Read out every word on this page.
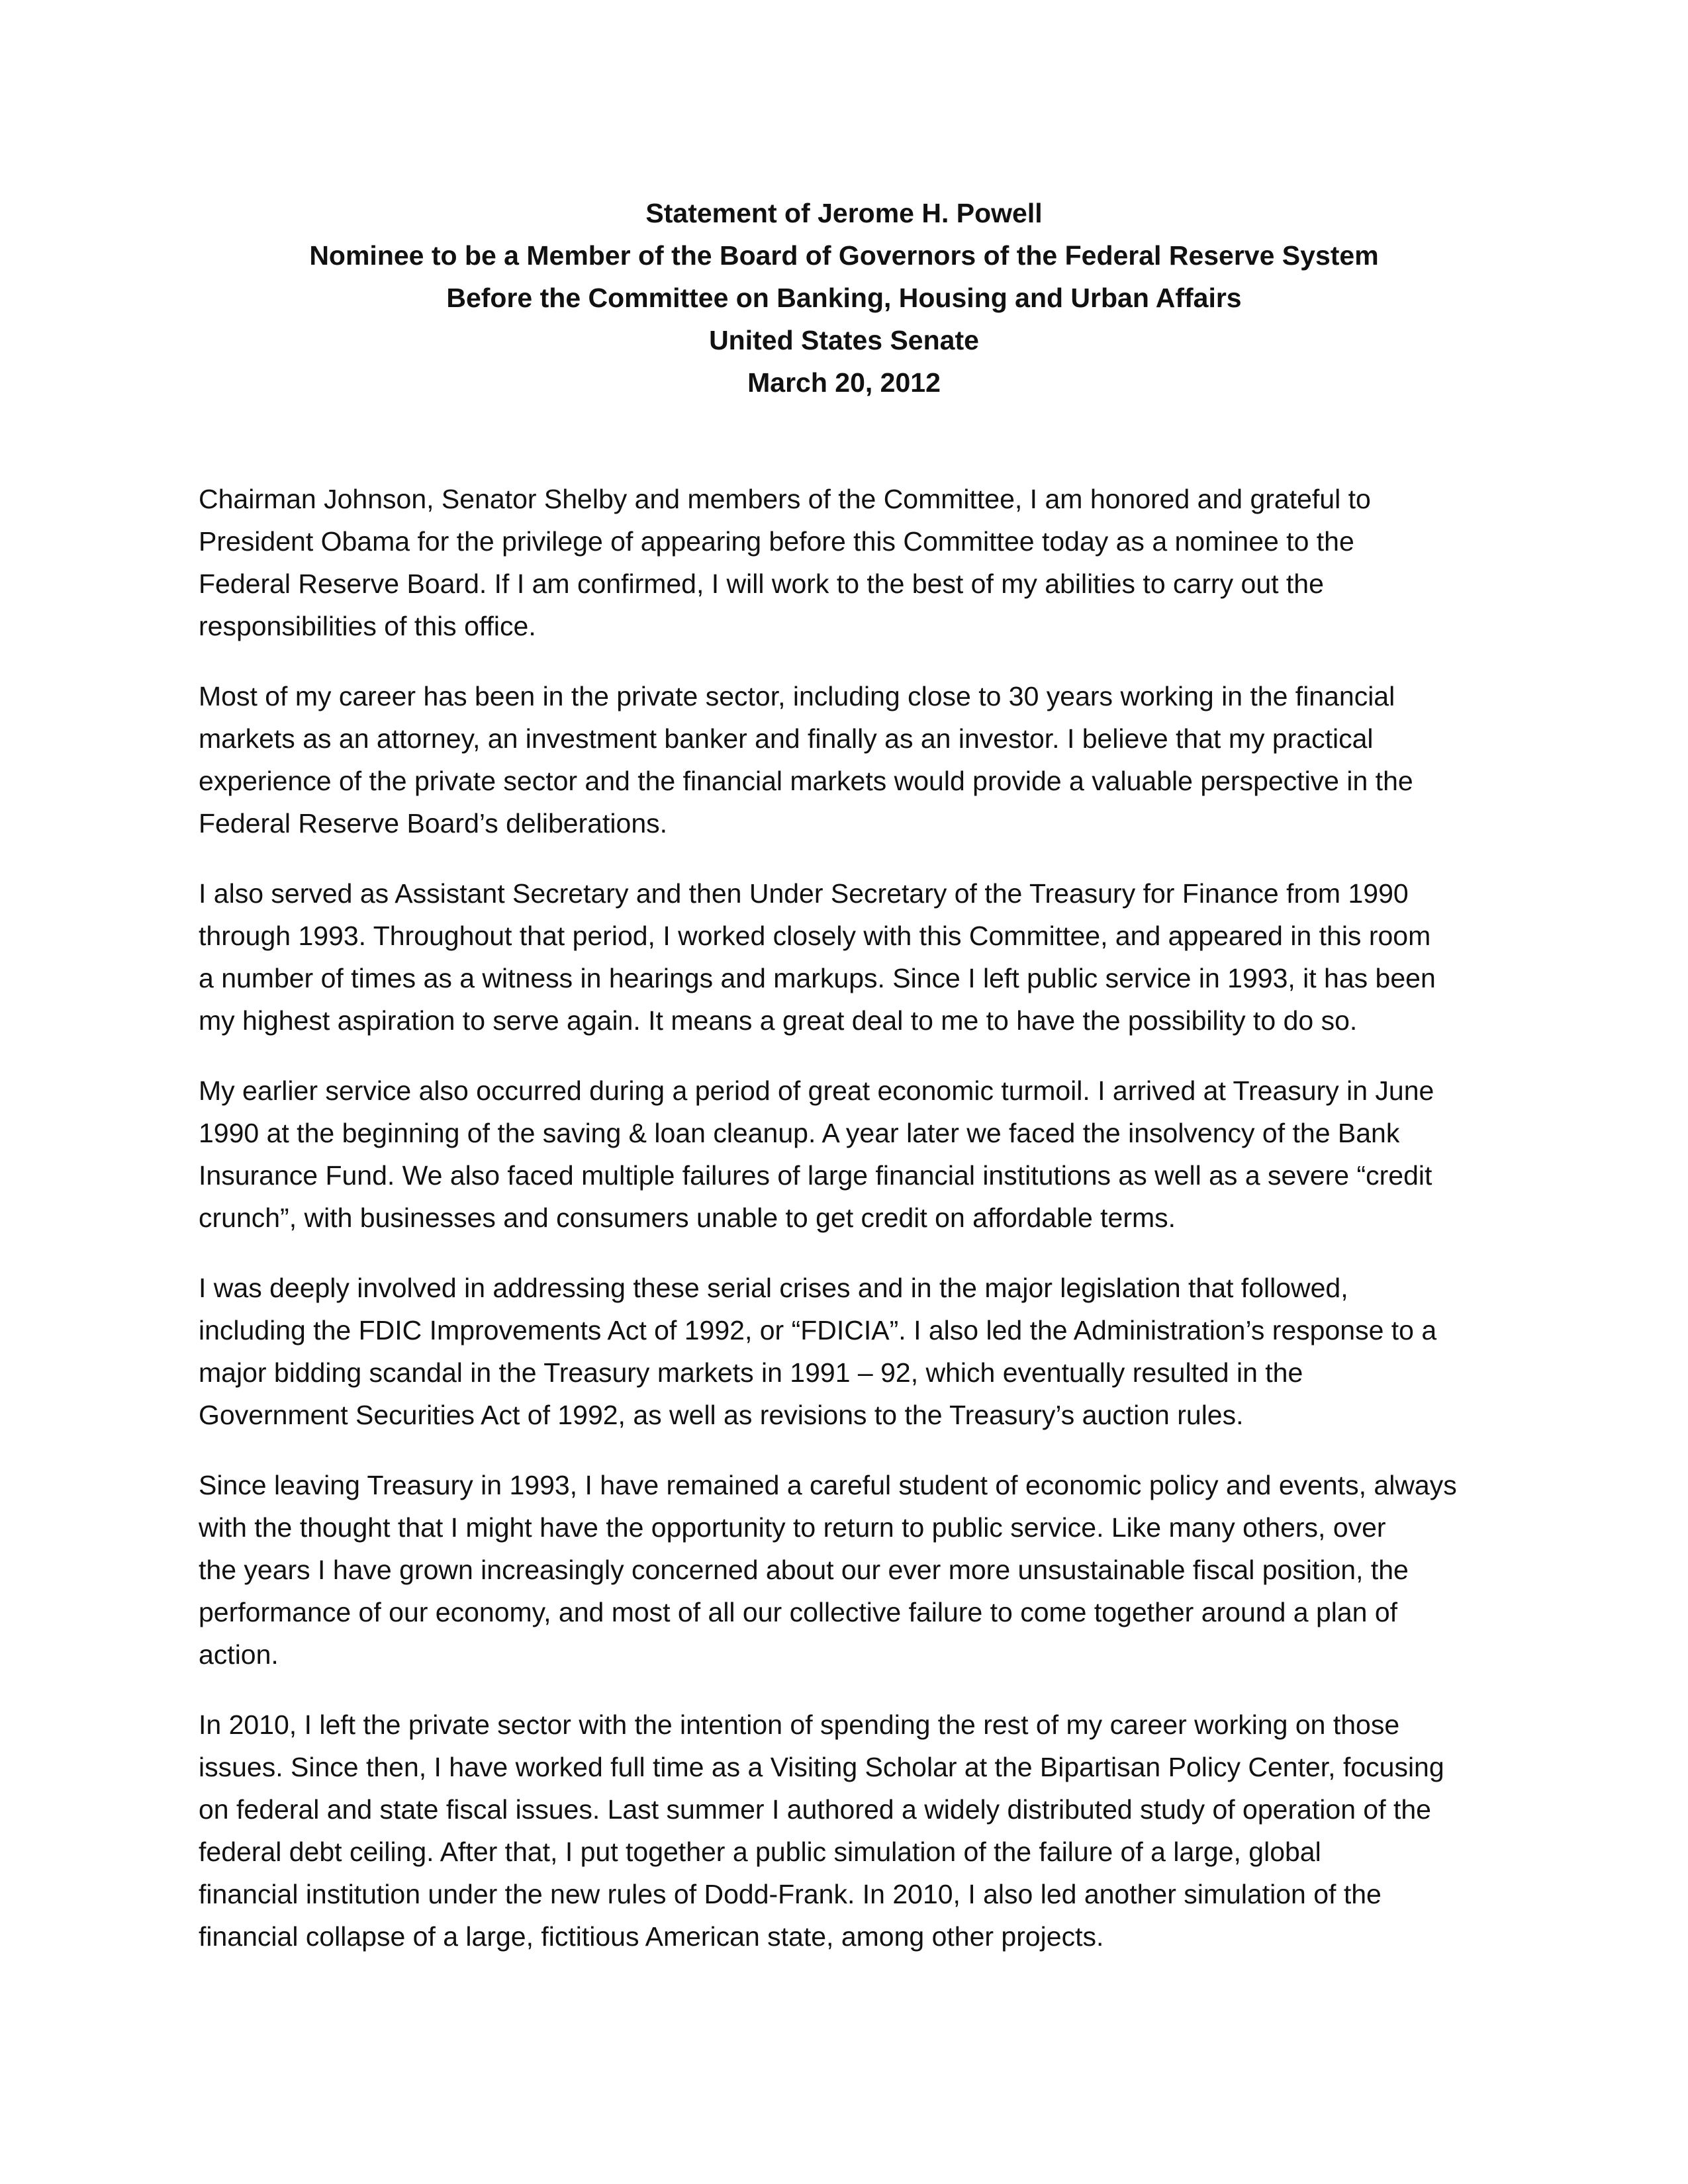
Statement of Jerome H. Powell
Nominee to be a Member of the Board of Governors of the Federal Reserve System
Before the Committee on Banking, Housing and Urban Affairs
United States Senate
March 20, 2012
Chairman Johnson, Senator Shelby and members of the Committee, I am honored and grateful to
President Obama for the privilege of appearing before this Committee today as a nominee to the
Federal Reserve Board. If I am confirmed, I will work to the best of my abilities to carry out the
responsibilities of this office.
Most of my career has been in the private sector, including close to 30 years working in the financial
markets as an attorney, an investment banker and finally as an investor. I believe that my practical
experience of the private sector and the financial markets would provide a valuable perspective in the
Federal Reserve Board’s deliberations.
I also served as Assistant Secretary and then Under Secretary of the Treasury for Finance from 1990
through 1993. Throughout that period, I worked closely with this Committee, and appeared in this room
a number of times as a witness in hearings and markups. Since I left public service in 1993, it has been
my highest aspiration to serve again. It means a great deal to me to have the possibility to do so.
My earlier service also occurred during a period of great economic turmoil. I arrived at Treasury in June
1990 at the beginning of the saving & loan cleanup. A year later we faced the insolvency of the Bank
Insurance Fund. We also faced multiple failures of large financial institutions as well as a severe “credit
crunch”, with businesses and consumers unable to get credit on affordable terms.
I was deeply involved in addressing these serial crises and in the major legislation that followed,
including the FDIC Improvements Act of 1992, or “FDICIA”. I also led the Administration’s response to a
major bidding scandal in the Treasury markets in 1991 – 92, which eventually resulted in the
Government Securities Act of 1992, as well as revisions to the Treasury’s auction rules.
Since leaving Treasury in 1993, I have remained a careful student of economic policy and events, always
with the thought that I might have the opportunity to return to public service. Like many others, over
the years I have grown increasingly concerned about our ever more unsustainable fiscal position, the
performance of our economy, and most of all our collective failure to come together around a plan of
action.
In 2010, I left the private sector with the intention of spending the rest of my career working on those
issues. Since then, I have worked full time as a Visiting Scholar at the Bipartisan Policy Center, focusing
on federal and state fiscal issues. Last summer I authored a widely distributed study of operation of the
federal debt ceiling. After that, I put together a public simulation of the failure of a large, global
financial institution under the new rules of Dodd-Frank. In 2010, I also led another simulation of the
financial collapse of a large, fictitious American state, among other projects.
